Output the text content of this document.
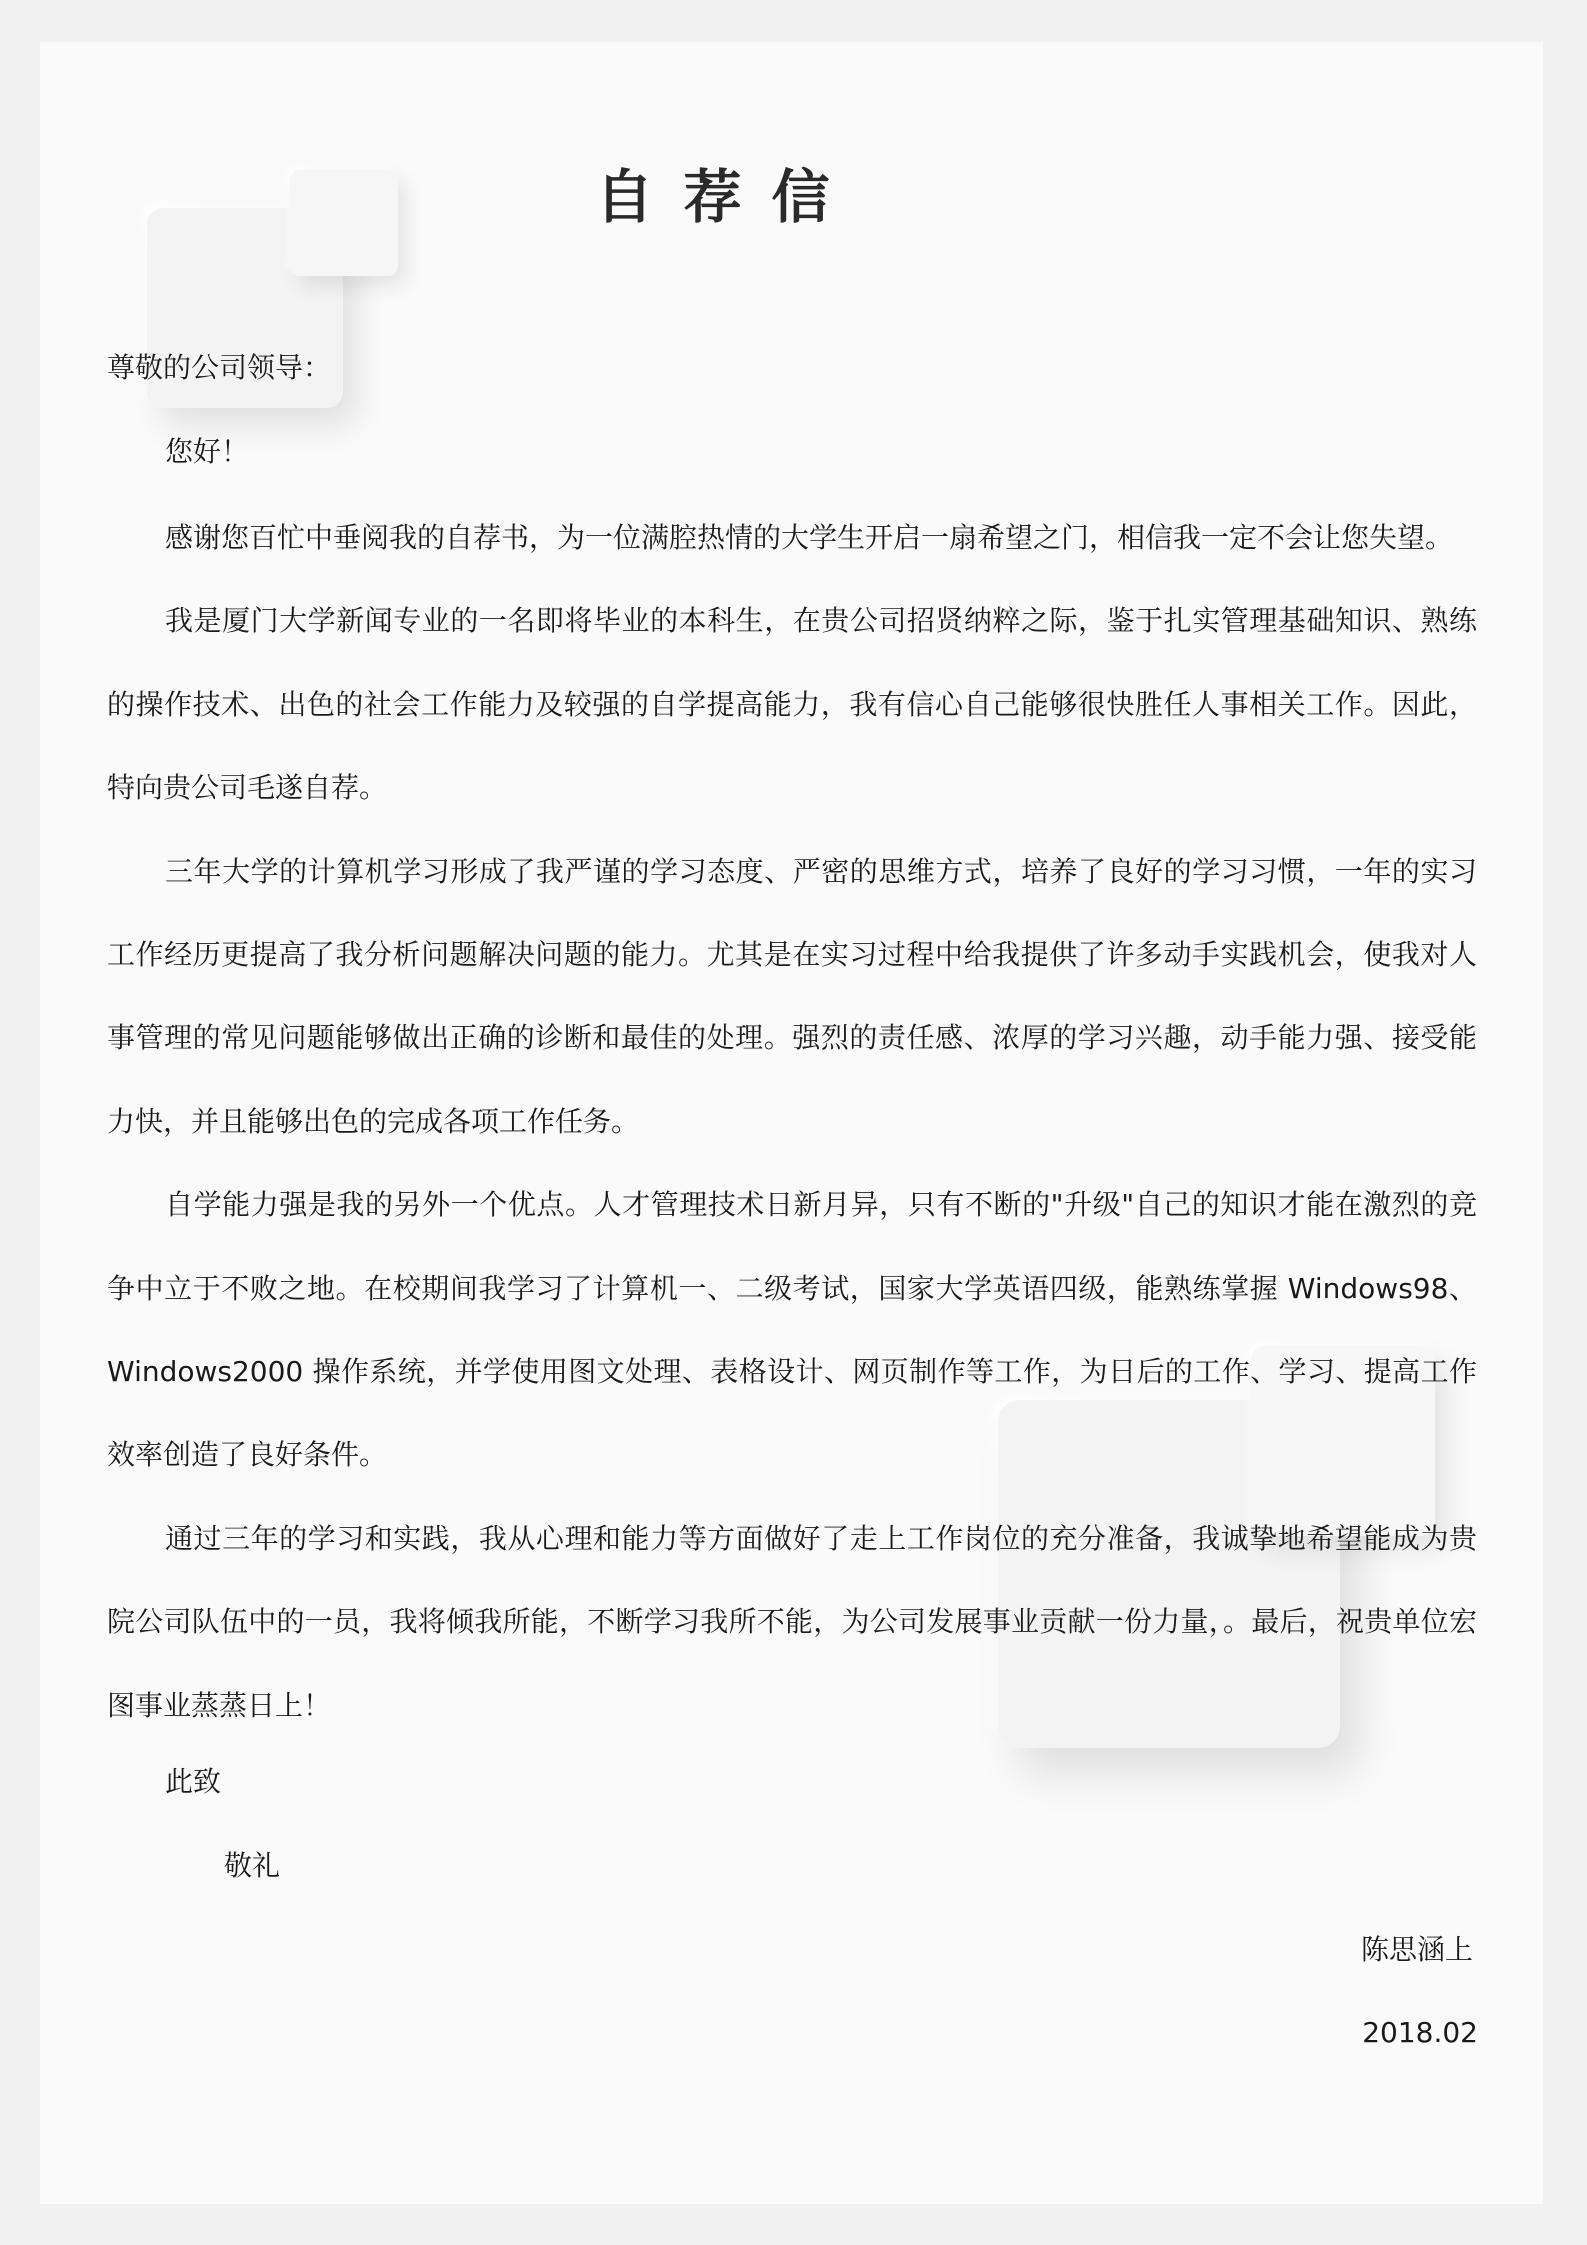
自荐信
尊敬的公司领导：
您好！

感谢您百忙中垂阅我的自荐书，为一位满腔热情的大学生开启一扇希望之门，相信我一定不会让您失望。

我是厦门大学新闻专业的一名即将毕业的本科生，在贵公司招贤纳粹之际，鉴于扎实管理基础知识、熟练的操作技术、出色的社会工作能力及较强的自学提高能力，我有信心自己能够很快胜任人事相关工作。因此，特向贵公司毛遂自荐。

三年大学的计算机学习形成了我严谨的学习态度、严密的思维方式，培养了良好的学习习惯，一年的实习工作经历更提高了我分析问题解决问题的能力。尤其是在实习过程中给我提供了许多动手实践机会，使我对人事管理的常见问题能够做出正确的诊断和最佳的处理。强烈的责任感、浓厚的学习兴趣，动手能力强、接受能力快，并且能够出色的完成各项工作任务。

自学能力强是我的另外一个优点。人才管理技术日新月异，只有不断的"升级"自己的知识才能在激烈的竞争中立于不败之地。在校期间我学习了计算机一、二级考试，国家大学英语四级，能熟练掌握 Windows98、Windows2000 操作系统，并学使用图文处理、表格设计、网页制作等工作，为日后的工作、学习、提高工作效率创造了良好条件。

通过三年的学习和实践，我从心理和能力等方面做好了走上工作岗位的充分准备，我诚挚地希望能成为贵院公司队伍中的一员，我将倾我所能，不断学习我所不能，为公司发展事业贡献一份力量，。最后，祝贵单位宏图事业蒸蒸日上！

此致
敬礼
陈思涵上
2018.02
